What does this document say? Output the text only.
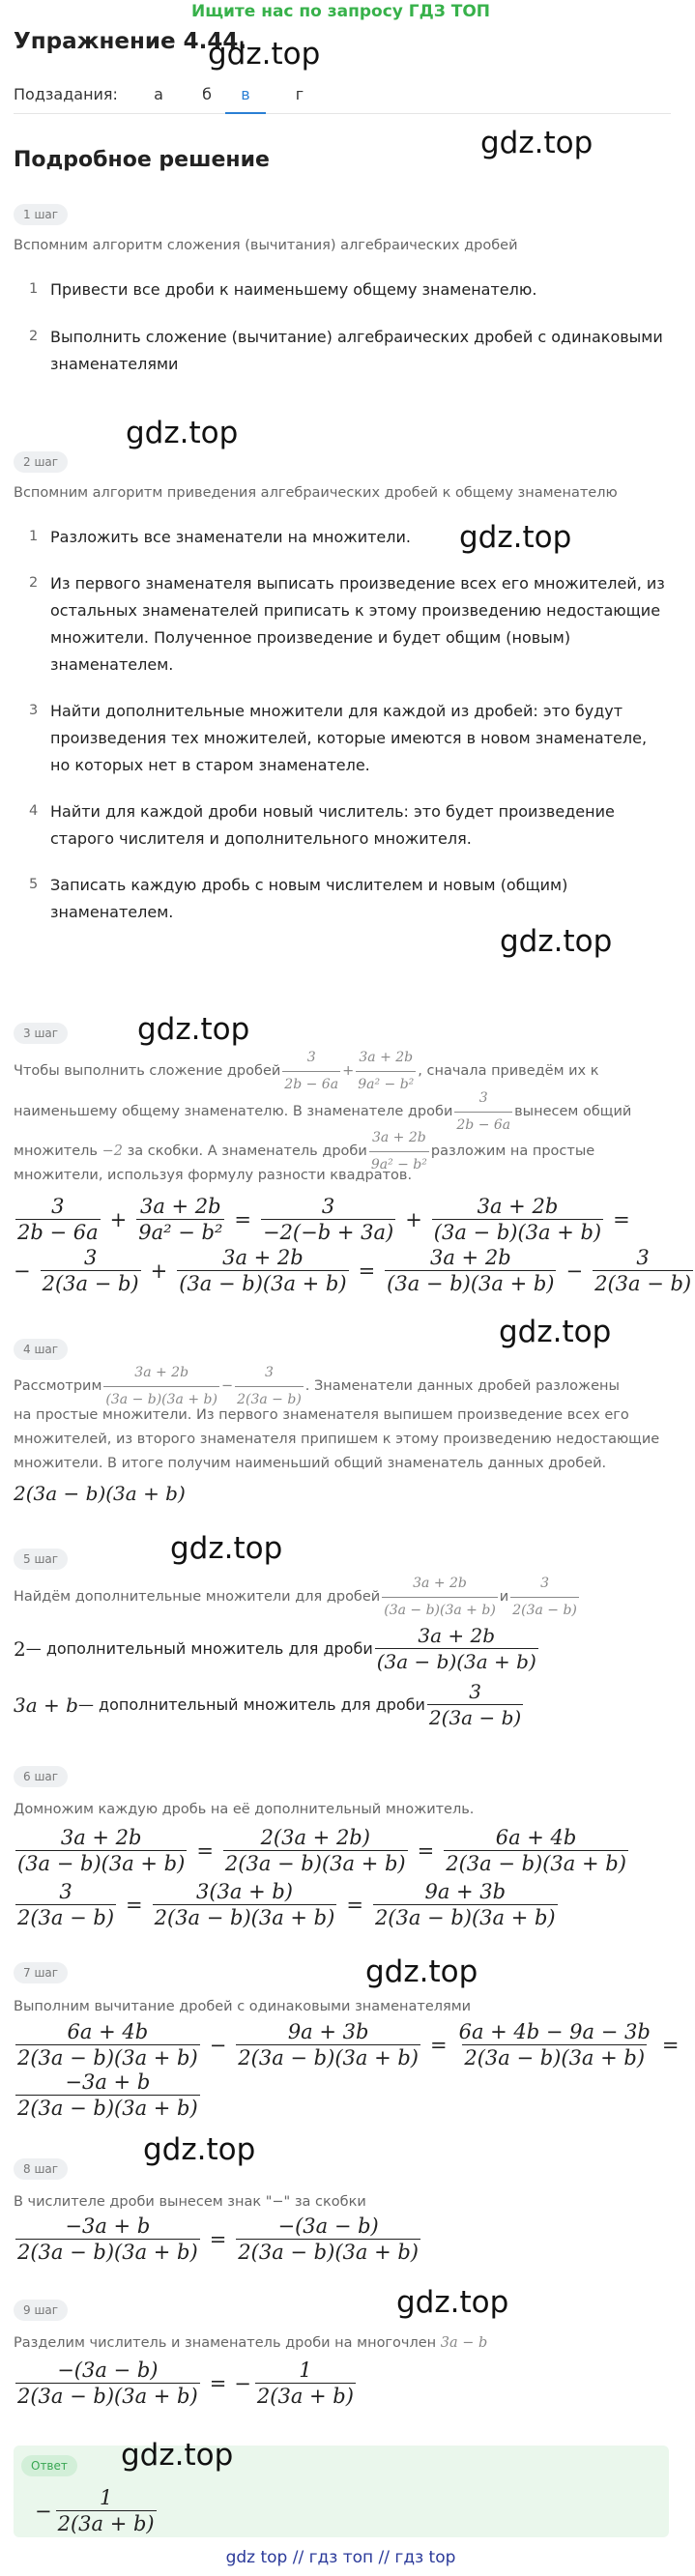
Ищите нас по запросу ГДЗ ТОП
Упражнение 4.44.
gdz.top
Подзадания:	а	б	в	г
gdz.top
Подробное решение
1 шаг
Вспомним алгоритм сложения (вычитания) алгебраических дробей
1 Привести все дроби к наименьшему общему знаменателю.
2 Выполнить сложение (вычитание) алгебраических дробей с одинаковыми
знаменателями
gdz.top
2 шаг
Вспомним алгоритм приведения алгебраических дробей к общему знаменателю
1 Разложить все знаменатели на множители.	gdz.top
2 Из первого знаменателя выписать произведение всех его множителей, из
остальных знаменателей приписать к этому произведению недостающие
множители. Полученное произведение и будет общим (новым)
знаменателем.
3 Найти дополнительные множители для каждой из дробей: это будут
произведения тех множителей, которые имеются в новом знаменателе,
но которых нет в старом знаменателе.
4 Найти для каждой дроби новый числитель: это будет произведение
старого числителя и дополнительного множителя.
5 Записать каждую дробь с новым числителем и новым (общим)
знаменателем.
gdz.top
gdz.top
3 шаг
Чтобы выполнить сложение дробей $\frac{3}{2b - 6a} + \frac{3a + 2b}{\text{9a² − b²}}$ , сначала приведём их к
наименьшему общему знаменателю. В знаменателе дроби $\frac{3}{2b - 6a}$ вынесем общий
множитель
−2
за скобки. А знаменатель дроби $\frac{3a + 2b}{\text{9a² − b²}}$ разложим на простые
множители, используя формулу разности квадратов.
$\frac{3}{2b - 6a} + \frac{3a + 2b}{\text{9a² − b²}} = \frac{3}{-2(-b + 3a)} + \frac{3a + 2b}{(3a - b)(3a + b)}$ =
− $\frac{3}{2(3a - b)} + \frac{3a + 2b}{(3a - b)(3a + b)} = \frac{3a + 2b}{(3a - b)(3a + b)} - \frac{3}{2(3a - b)}$
gdz.top
4 шаг
Рассмотрим $\frac{3a + 2b}{(3a - b)(3a + b)} - \frac{3}{2(3a - b)}$ . Знаменатели данных дробей разложены
на простые множители. Из первого знаменателя выпишем произведение всех его
множителей, из второго знаменателя припишем к этому произведению недостающие
множители. В итоге получим наименьший общий знаменатель данных дробей.
2(3a − b)(3a + b)
gdz.top
5 шаг
Найдём дополнительные множители для дробей $\frac{3a + 2b}{(3a - b)(3a + b)}$ и $\frac{3}{2(3a - b)}$
2 — дополнительный множитель для дроби $\frac{3a + 2b}{(3a - b)(3a + b)}$
3a + b — дополнительный множитель для дроби $\frac{3}{2(3a - b)}$
6 шаг
Домножим каждую дробь на её дополнительный множитель.
$\frac{3a + 2b}{(3a - b)(3a + b)} = \frac{2(3a + 2b)}{2(3a - b)(3a + b)} = \frac{6a + 4b}{2(3a - b)(3a + b)}$
$\frac{3}{2(3a - b)} = \frac{3(3a + b)}{2(3a - b)(3a + b)} = \frac{9a + 3b}{2(3a - b)(3a + b)}$
gdz.top
7 шаг
Выполним вычитание дробей с одинаковыми знаменателями
$\frac{6a + 4b}{2(3a - b)(3a + b)} - \frac{9a + 3b}{2(3a - b)(3a + b)} = \frac{6a + 4b - 9a - 3b}{2(3a - b)(3a + b)}$ =
$\frac{-3a + b}{2(3a - b)(3a + b)}$
gdz.top
8 шаг
В числителе дроби вынесем знак "−" за скобки
$\frac{-3a + b}{2(3a - b)(3a + b)} = \frac{-(3a - b)}{2(3a - b)(3a + b)}$
gdz.top
9 шаг
Разделим числитель и знаменатель дроби на многочлен 3a − b
$\frac{-(3a - b)}{2(3a - b)(3a + b)}$ = − $\frac{1}{2(3a + b)}$
Ответ	gdz.top
− $\frac{1}{2(3a + b)}$
gdz top // гдз топ // гдз top
